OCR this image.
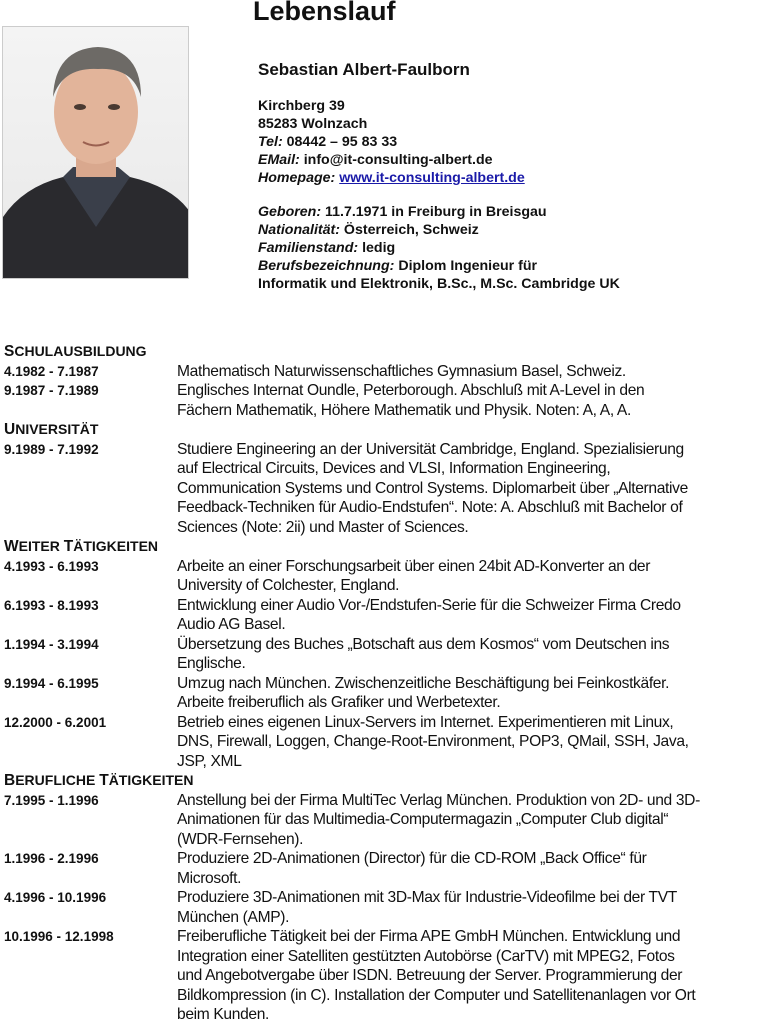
Lebenslauf
Sebastian Albert-Faulborn
Kirchberg 39
85283 Wolnzach
Tel: 08442 – 95 83 33
EMail: info@it-consulting-albert.de
Homepage: www.it-consulting-albert.de
Geboren: 11.7.1971 in Freiburg in Breisgau
Nationalität: Österreich, Schweiz
Familienstand: ledig
Berufsbezeichnung: Diplom Ingenieur für
Informatik und Elektronik, B.Sc., M.Sc. Cambridge UK
SCHULAUSBILDUNG
4.1982 - 7.1987	Mathematisch Naturwissenschaftliches Gymnasium Basel, Schweiz.
9.1987 - 7.1989	Englisches Internat Oundle, Peterborough. Abschluß mit A-Level in den
Fächern Mathematik, Höhere Mathematik und Physik. Noten: A, A, A.
UNIVERSITÄT
9.1989 - 7.1992	Studiere Engineering an der Universität Cambridge, England. Spezialisierung
auf Electrical Circuits, Devices and VLSI, Information Engineering,
Communication Systems und Control Systems. Diplomarbeit über „Alternative
Feedback-Techniken für Audio-Endstufen“. Note: A. Abschluß mit Bachelor of
Sciences (Note: 2ii) und Master of Sciences.
WEITER TÄTIGKEITEN
4.1993 - 6.1993	Arbeite an einer Forschungsarbeit über einen 24bit AD-Konverter an der
University of Colchester, England.
6.1993 - 8.1993	Entwicklung einer Audio Vor-/Endstufen-Serie für die Schweizer Firma Credo
Audio AG Basel.
1.1994 - 3.1994	Übersetzung des Buches „Botschaft aus dem Kosmos“ vom Deutschen ins
Englische.
9.1994 - 6.1995	Umzug nach München. Zwischenzeitliche Beschäftigung bei Feinkostkäfer.
Arbeite freiberuflich als Grafiker und Werbetexter.
12.2000 - 6.2001	Betrieb eines eigenen Linux-Servers im Internet. Experimentieren mit Linux,
DNS, Firewall, Loggen, Change-Root-Environment, POP3, QMail, SSH, Java,
JSP, XML
BERUFLICHE TÄTIGKEITEN
7.1995 - 1.1996	Anstellung bei der Firma MultiTec Verlag München. Produktion von 2D- und 3D-
Animationen für das Multimedia-Computermagazin „Computer Club digital“
(WDR-Fernsehen).
1.1996 - 2.1996	Produziere 2D-Animationen (Director) für die CD-ROM „Back Office“ für
Microsoft.
4.1996 - 10.1996	Produziere 3D-Animationen mit 3D-Max für Industrie-Videofilme bei der TVT
München (AMP).
10.1996 - 12.1998	Freiberufliche Tätigkeit bei der Firma APE GmbH München. Entwicklung und
Integration einer Satelliten gestützten Autobörse (CarTV) mit MPEG2, Fotos
und Angebotvergabe über ISDN. Betreuung der Server. Programmierung der
Bildkompression (in C). Installation der Computer und Satellitenanlagen vor Ort
beim Kunden.
